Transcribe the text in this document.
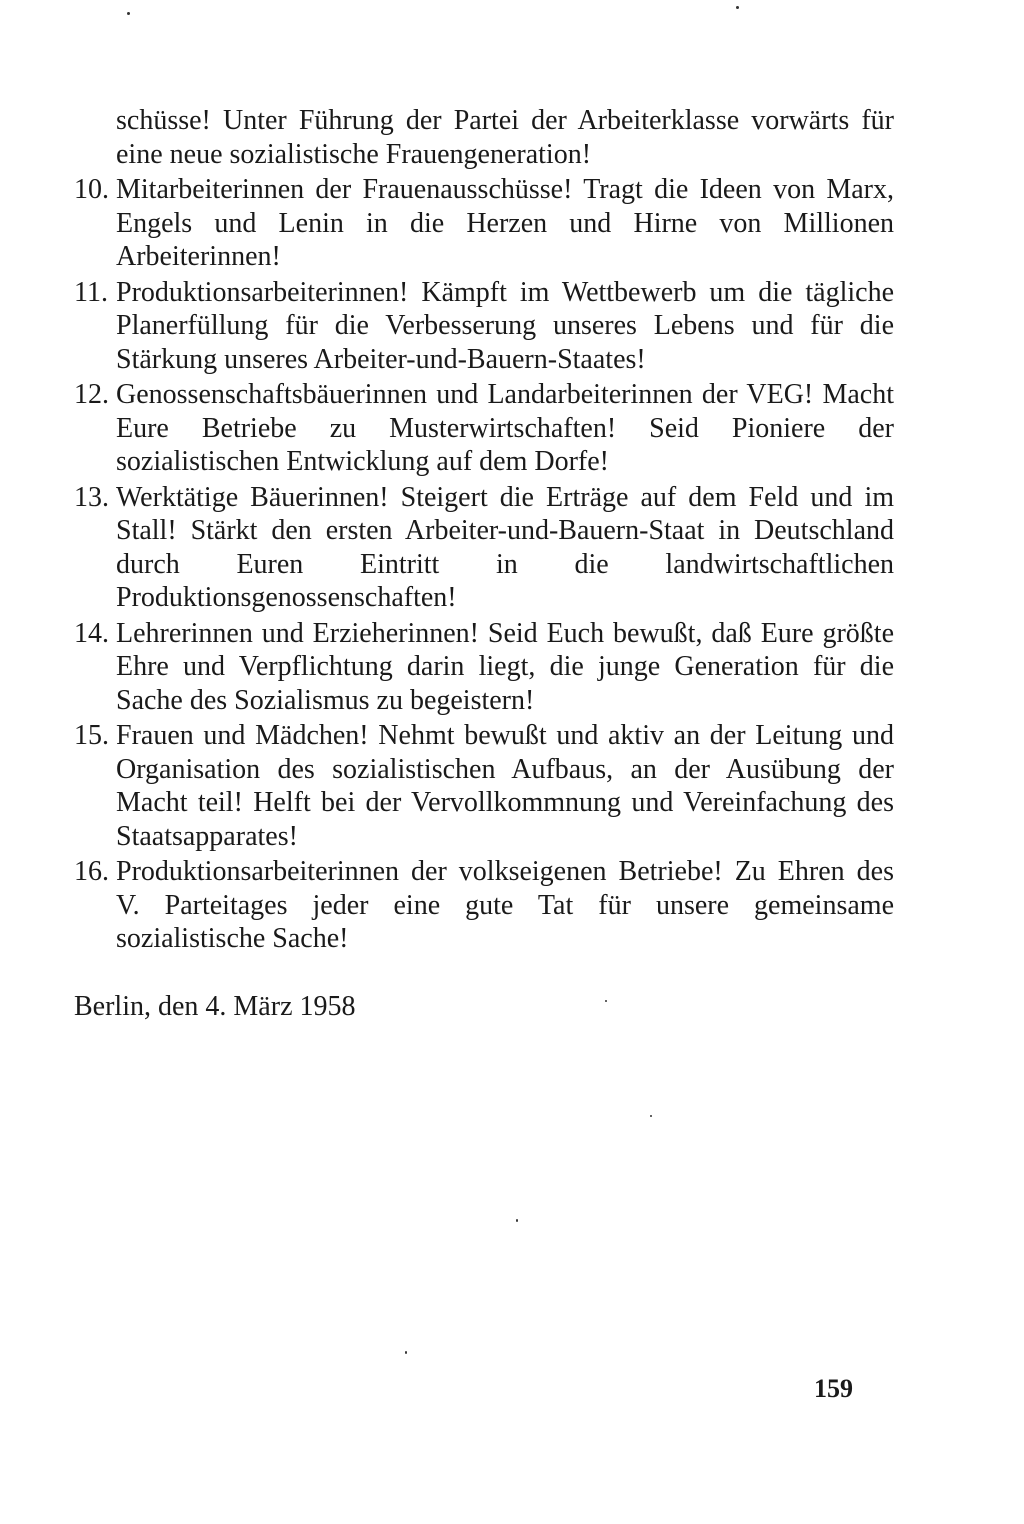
schüsse! Unter Führung der Partei der Arbeiterklasse vorwärts für eine neue sozialistische Frauengeneration!

10. Mitarbeiterinnen der Frauenausschüsse! Tragt die Ideen von Marx, Engels und Lenin in die Herzen und Hirne von Millionen Arbeiterinnen!
11. Produktionsarbeiterinnen! Kämpft im Wettbewerb um die tägliche Planerfüllung für die Verbesserung unseres Lebens und für die Stärkung unseres Arbeiter-und-Bauern-Staates!
12. Genossenschaftsbäuerinnen und Landarbeiterinnen der VEG! Macht Eure Betriebe zu Musterwirtschaften! Seid Pioniere der sozialistischen Entwicklung auf dem Dorfe!
13. Werktätige Bäuerinnen! Steigert die Erträge auf dem Feld und im Stall! Stärkt den ersten Arbeiter-und-Bauern-Staat in Deutschland durch Euren Eintritt in die landwirtschaftlichen Produktionsgenossenschaften!
14. Lehrerinnen und Erzieherinnen! Seid Euch bewußt, daß Eure größte Ehre und Verpflichtung darin liegt, die junge Generation für die Sache des Sozialismus zu begeistern!
15. Frauen und Mädchen! Nehmt bewußt und aktiv an der Leitung und Organisation des sozialistischen Aufbaus, an der Ausübung der Macht teil! Helft bei der Vervollkommnung und Vereinfachung des Staatsapparates!
16. Produktionsarbeiterinnen der volkseigenen Betriebe! Zu Ehren des V. Parteitages jeder eine gute Tat für unsere gemeinsame sozialistische Sache!

Berlin, den 4. März 1958

159
